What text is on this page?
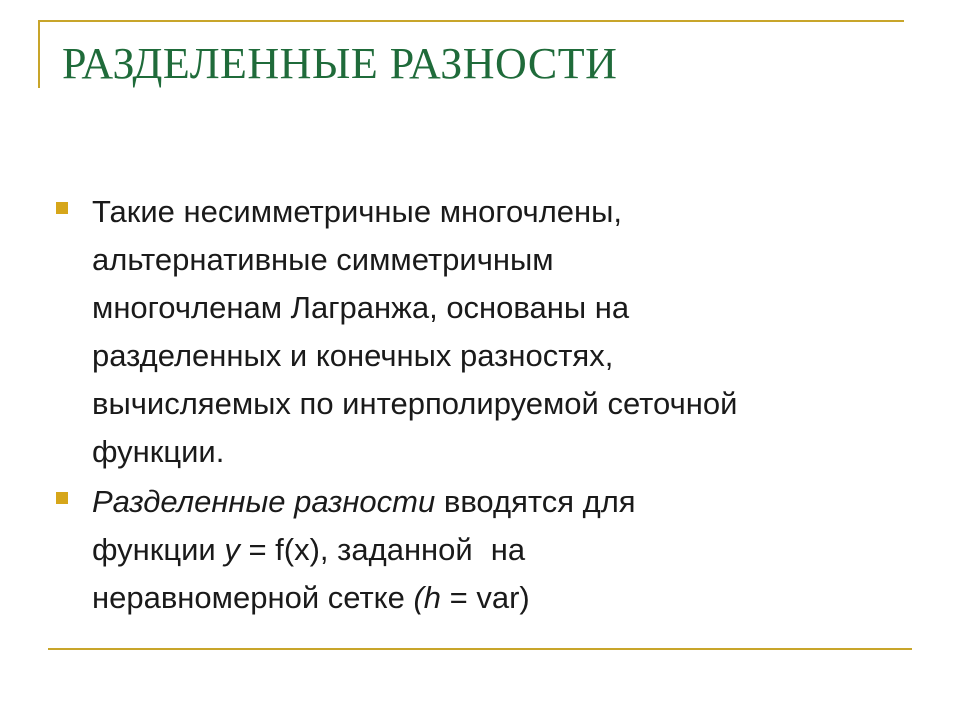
РАЗДЕЛЕННЫЕ РАЗНОСТИ
Такие несимметричные многочлены,
альтернативные симметричным
многочленам Лагранжа, основаны на
разделенных и конечных разностях,
вычисляемых по интерполируемой сеточной
функции.
Разделенные разности вводятся для
функции y = f(x), заданной на
неравномерной сетке (h = var)
